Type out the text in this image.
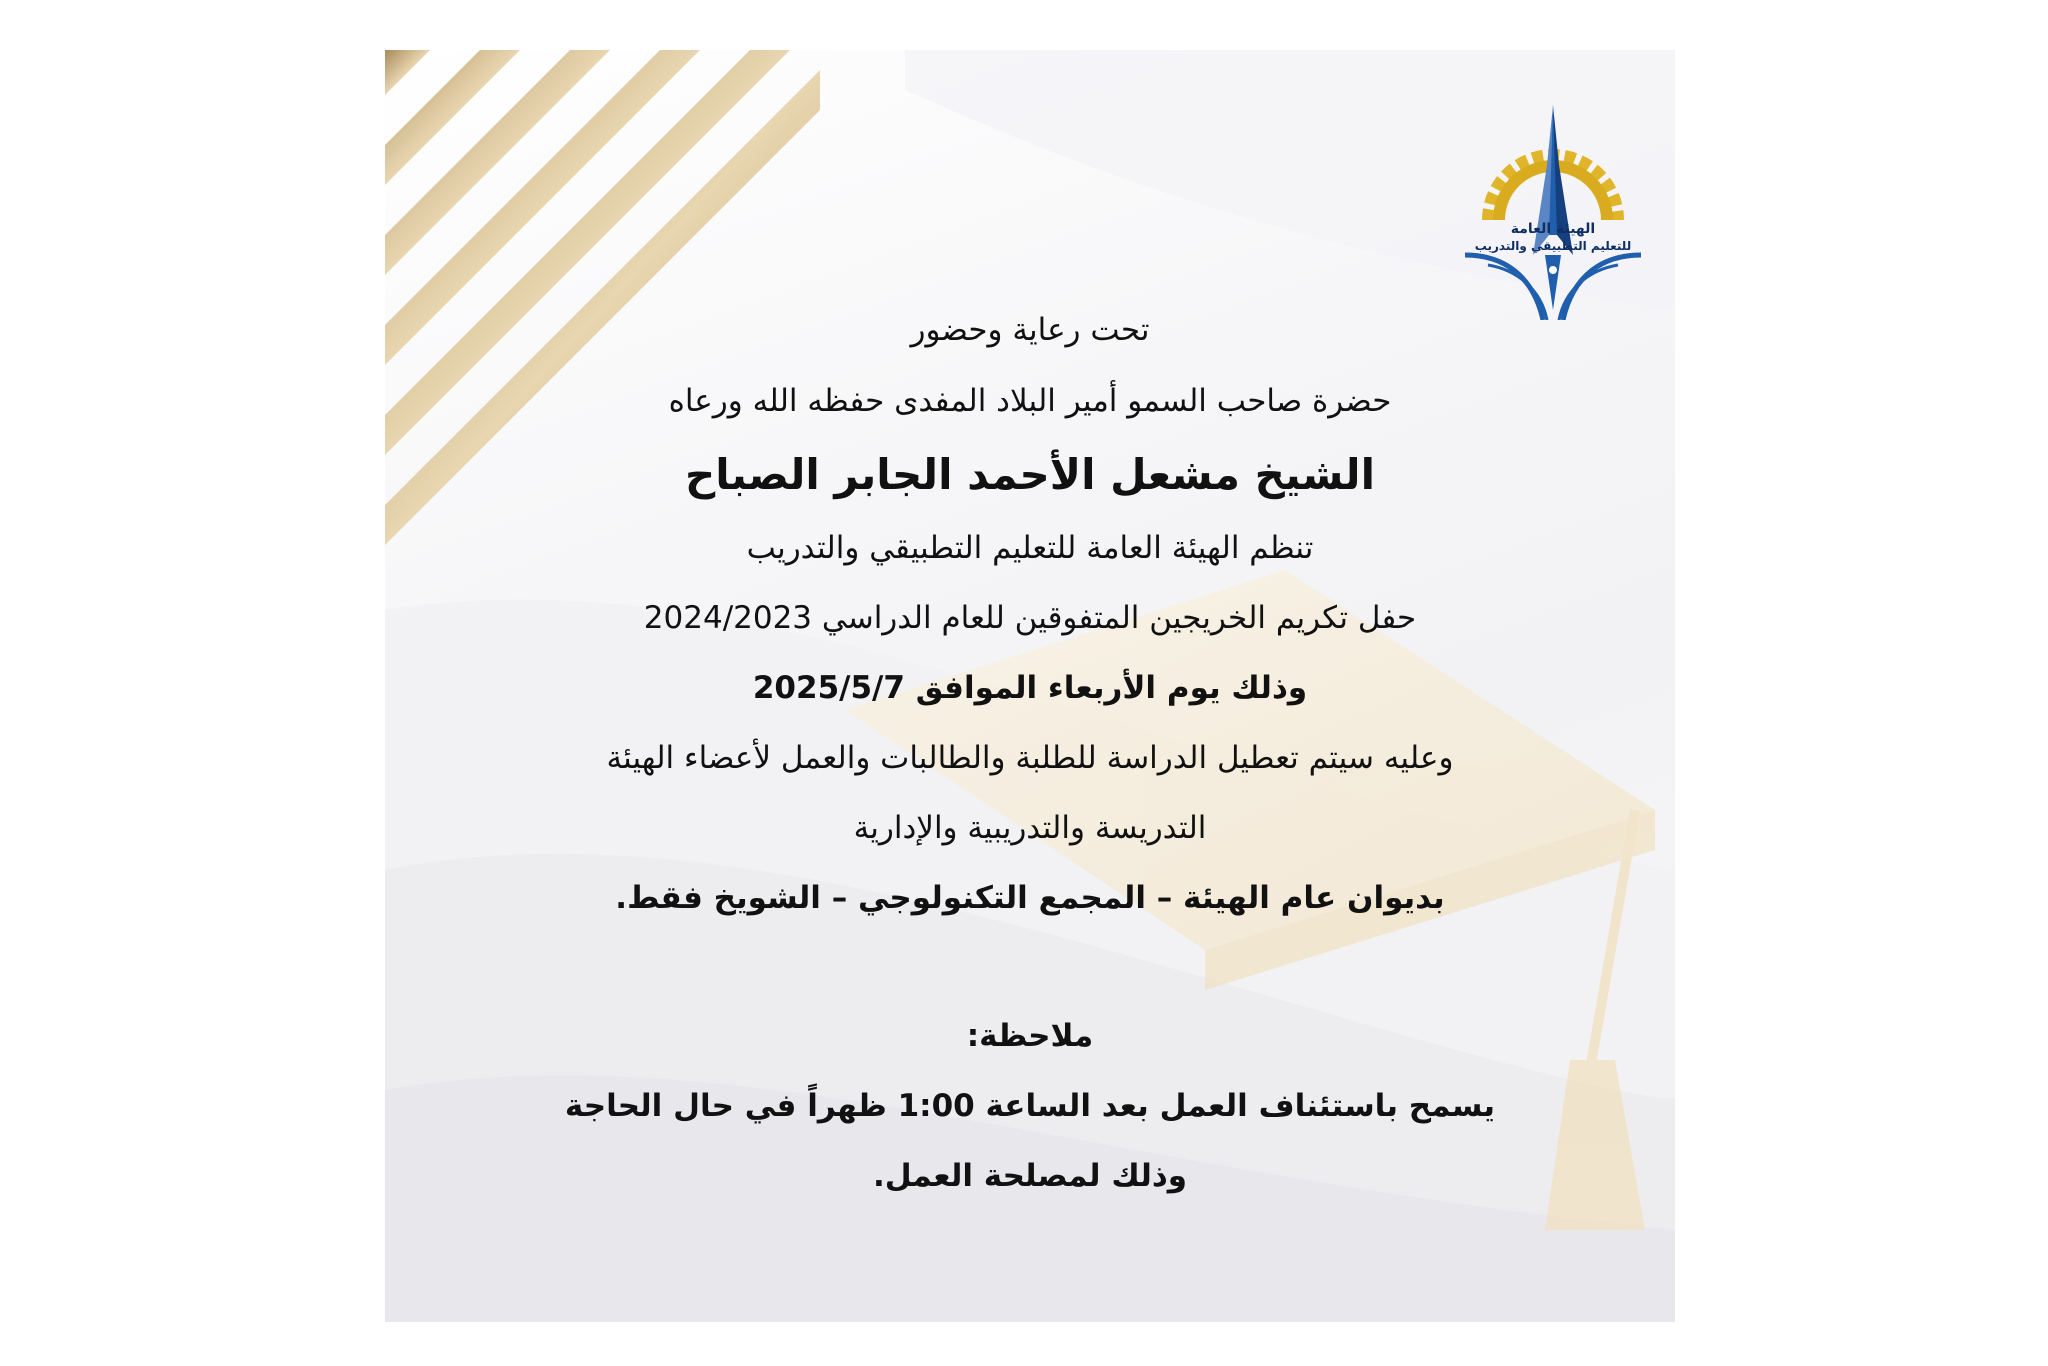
الهيئة العامة
للتعليم التطبيقي والتدريب
تحت رعاية وحضور
حضرة صاحب السمو أمير البلاد المفدى حفظه الله ورعاه
الشيخ مشعل الأحمد الجابر الصباح
تنظم الهيئة العامة للتعليم التطبيقي والتدريب
حفل تكريم الخريجين المتفوقين للعام الدراسي 2024/2023
وذلك يوم الأربعاء الموافق 2025/5/7
وعليه سيتم تعطيل الدراسة للطلبة والطالبات والعمل لأعضاء الهيئة
التدريسة والتدريبية والإدارية
بديوان عام الهيئة – المجمع التكنولوجي – الشويخ فقط.
ملاحظة:
يسمح باستئناف العمل بعد الساعة 1:00 ظهراً في حال الحاجة
وذلك لمصلحة العمل.
